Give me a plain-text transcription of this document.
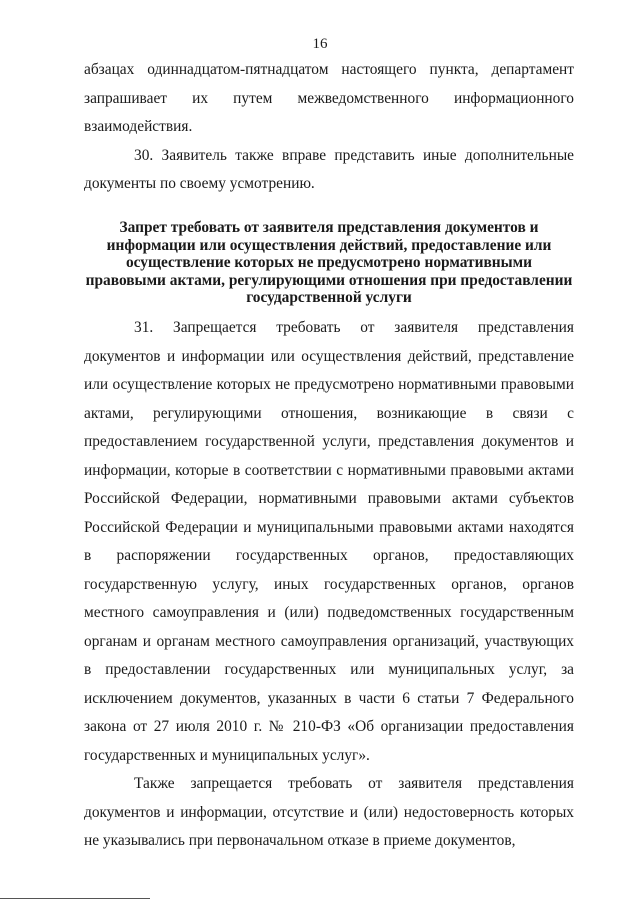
16

абзацах одиннадцатом-пятнадцатом настоящего пункта, департамент запрашивает их путем межведомственного информационного взаимодействия.

30. Заявитель также вправе представить иные дополнительные документы по своему усмотрению.

Запрет требовать от заявителя представления документов и информации или осуществления действий, предоставление или осуществление которых не предусмотрено нормативными правовыми актами, регулирующими отношения при предоставлении государственной услуги

31. Запрещается требовать от заявителя представления документов и информации или осуществления действий, представление или осуществление которых не предусмотрено нормативными правовыми актами, регулирующими отношения, возникающие в связи с предоставлением государственной услуги, представления документов и информации, которые в соответствии с нормативными правовыми актами Российской Федерации, нормативными правовыми актами субъектов Российской Федерации и муниципальными правовыми актами находятся в распоряжении государственных органов, предоставляющих государственную услугу, иных государственных органов, органов местного самоуправления и (или) подведомственных государственным органам и органам местного самоуправления организаций, участвующих в предоставлении государственных или муниципальных услуг, за исключением документов, указанных в части 6 статьи 7 Федерального закона от 27 июля 2010 г. № 210-ФЗ «Об организации предоставления государственных и муниципальных услуг».

Также запрещается требовать от заявителя представления документов и информации, отсутствие и (или) недостоверность которых не указывались при первоначальном отказе в приеме документов,
